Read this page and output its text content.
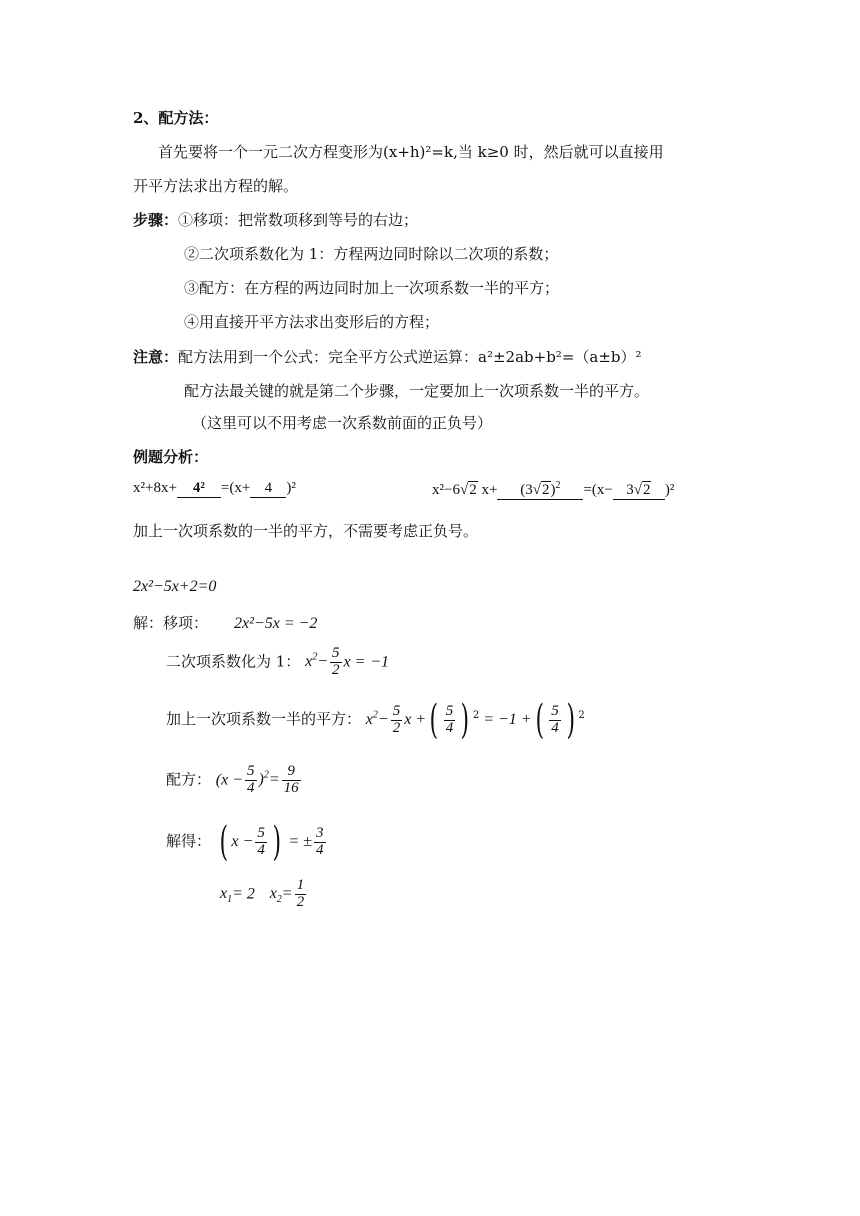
2、配方法：
首先要将一个一元二次方程变形为(x+h)²=k,当 k≥0 时，然后就可以直接用
开平方法求出方程的解。
步骤：①移项：把常数项移到等号的右边；
②二次项系数化为 1：方程两边同时除以二次项的系数；
③配方：在方程的两边同时加上一次项系数一半的平方；
④用直接开平方法求出变形后的方程；
注意：配方法用到一个公式：完全平方公式逆运算：a²±2ab+b²=（a±b）²
配方法最关键的就是第二个步骤，一定要加上一次项系数一半的平方。
（这里可以不用考虑一次系数前面的正负号）
例题分析：
x²+8x+ 4² =(x+ 4 )²	x²−6√2 $x+ (3√2)^2 =(x- 3√2$ )²
加上一次项系数的一半的平方，不需要考虑正负号。
2x²−5x+2=0
解：移项： 2x²−5x = −2
二次项系数化为 1： $x^2- \frac{5}{2}$ x = −1
加上一次项系数一半的平方： $x^2- \frac{5}{2}$ x +( $\frac{5}{4}$ ) $^2$ = −1 +( $\frac{5}{4}$ ) $^2$
配方： $(x - \frac{5}{4} )^2= \frac{9}{16}$
解得： ( $x - \frac{5}{4}$ ) = ± $\frac{3}{4}$
$x_1= 2$ $x_2= \frac{1}{2}$
